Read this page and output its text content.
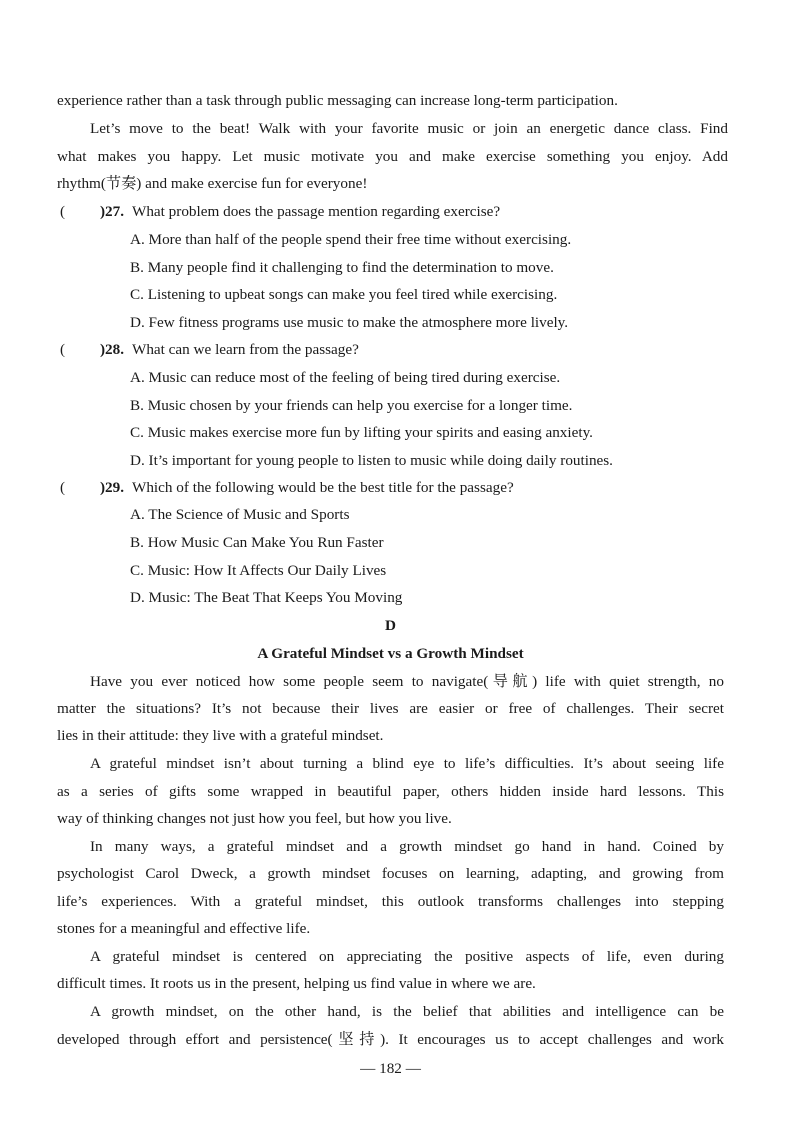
experience rather than a task through public messaging can increase long-term participation.
Let’s move to the beat! Walk with your favorite music or join an energetic dance class. Find
what makes you happy. Let music motivate you and make exercise something you enjoy. Add
rhythm(节奏) and make exercise fun for everyone!
( )27. What problem does the passage mention regarding exercise?
A. More than half of the people spend their free time without exercising.
B. Many people find it challenging to find the determination to move.
C. Listening to upbeat songs can make you feel tired while exercising.
D. Few fitness programs use music to make the atmosphere more lively.
( )28. What can we learn from the passage?
A. Music can reduce most of the feeling of being tired during exercise.
B. Music chosen by your friends can help you exercise for a longer time.
C. Music makes exercise more fun by lifting your spirits and easing anxiety.
D. It’s important for young people to listen to music while doing daily routines.
( )29. Which of the following would be the best title for the passage?
A. The Science of Music and Sports
B. How Music Can Make You Run Faster
C. Music: How It Affects Our Daily Lives
D. Music: The Beat That Keeps You Moving
D
A Grateful Mindset vs a Growth Mindset
Have you ever noticed how some people seem to navigate(导航) life with quiet strength, no
matter the situations? It’s not because their lives are easier or free of challenges. Their secret
lies in their attitude: they live with a grateful mindset.
A grateful mindset isn’t about turning a blind eye to life’s difficulties. It’s about seeing life
as a series of gifts some wrapped in beautiful paper, others hidden inside hard lessons. This
way of thinking changes not just how you feel, but how you live.
In many ways, a grateful mindset and a growth mindset go hand in hand. Coined by
psychologist Carol Dweck, a growth mindset focuses on learning, adapting, and growing from
life’s experiences. With a grateful mindset, this outlook transforms challenges into stepping
stones for a meaningful and effective life.
A grateful mindset is centered on appreciating the positive aspects of life, even during
difficult times. It roots us in the present, helping us find value in where we are.
A growth mindset, on the other hand, is the belief that abilities and intelligence can be
developed through effort and persistence(坚持). It encourages us to accept challenges and work
— 182 —
